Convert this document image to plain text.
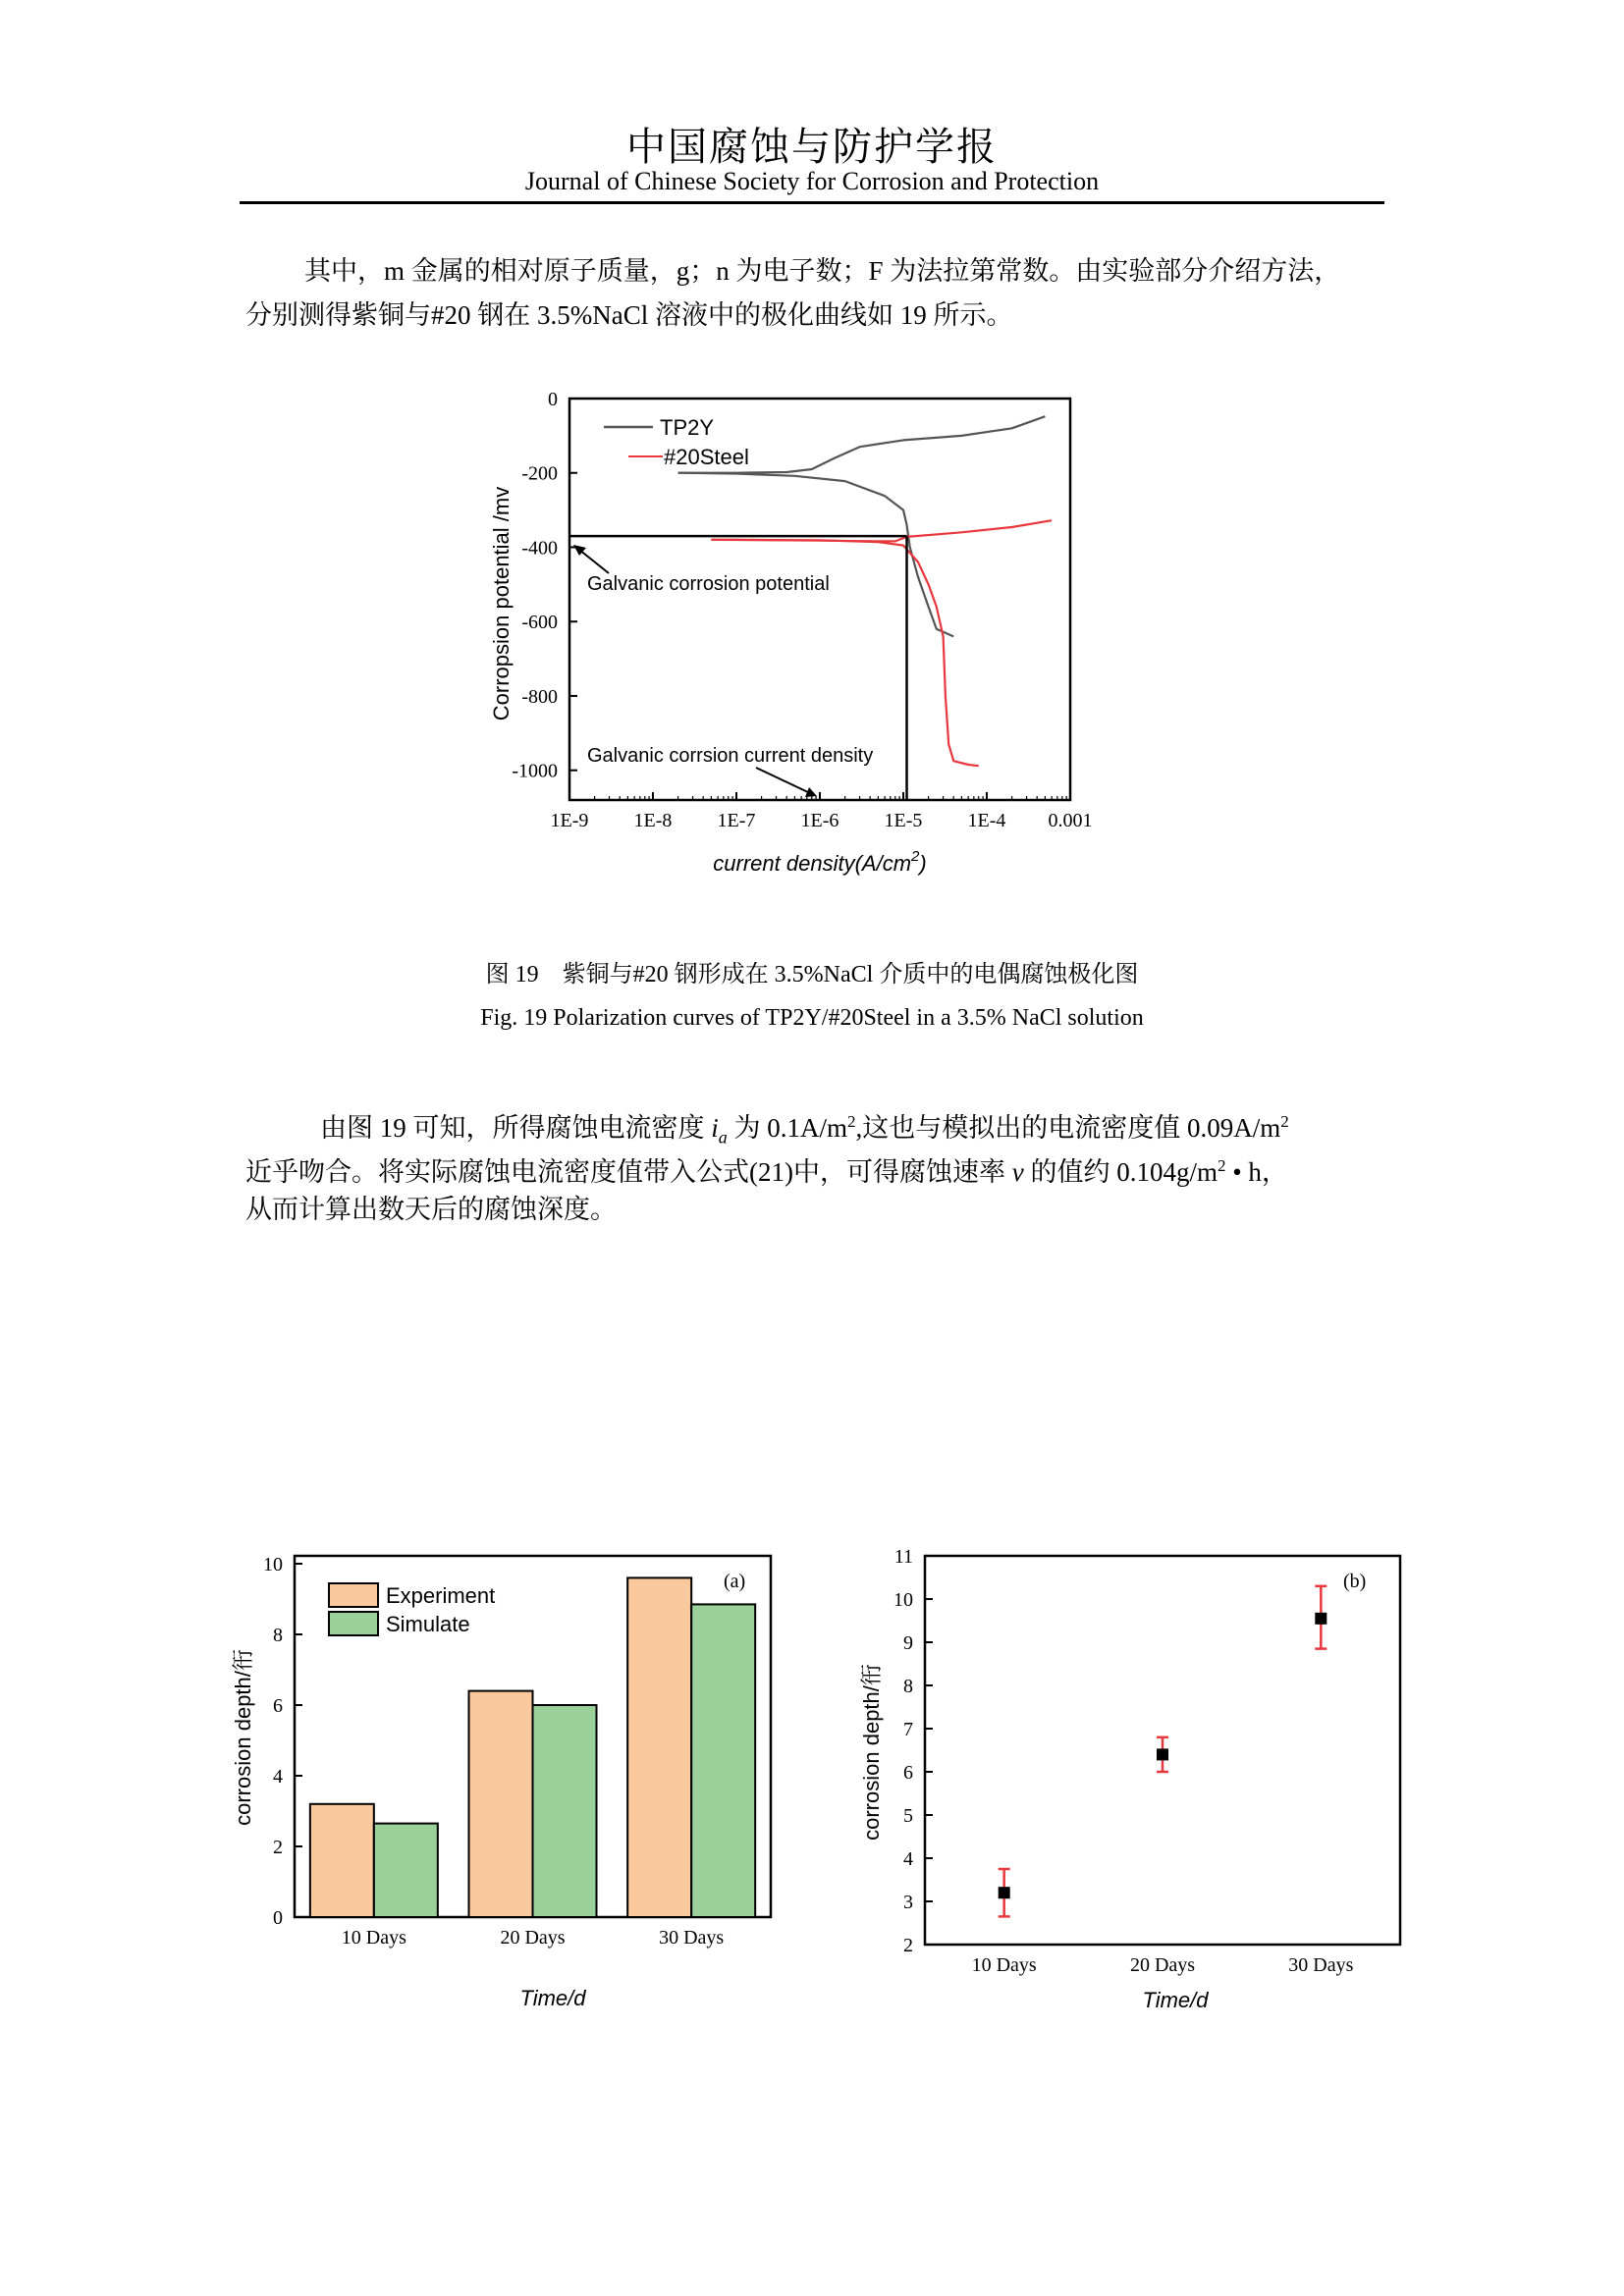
中国腐蚀与防护学报
Journal of Chinese Society for Corrosion and Protection
其中，m 金属的相对原子质量，g；n 为电子数；F 为法拉第常数。由实验部分介绍方法，
分别测得紫铜与#20 钢在 3.5%NaCl 溶液中的极化曲线如 19 所示。
1E-9 1E-8 1E-7 1E-6 1E-5 1E-4 0.001
0
-200
-400
-600
-800
-1000
TP2Y
#20Steel
Galvanic corrosion potential
Galvanic corrsion current density
Corropsion potential /mv
current $density(A/cm^2)$
图 19　紫铜与#20 钢形成在 3.5%NaCl 介质中的电偶腐蚀极化图
Fig. 19 Polarization curves of TP2Y/#20Steel in a 3.5% NaCl solution
由图 19 可知，所得腐蚀电流密度 $i_a$ 为 $0.1A/m^2$,这也与模拟出的电流密度值 $0.09A/m^2$
近乎吻合。将实际腐蚀电流密度值带入公式(21)中，可得腐蚀速率 v 的值约 $0.104g/m^2$ • h，
从而计算出数天后的腐蚀深度。
0
2
4
6
8
10
10 Days	20 Days	30 Days
(a)
Experiment
Simulate
corrosion depth/衎
Time/d
2
3
4
5
6
7
8
9
10
11
10 Days	20 Days	30 Days
(b)
corrosion depth/衎
Time/d
